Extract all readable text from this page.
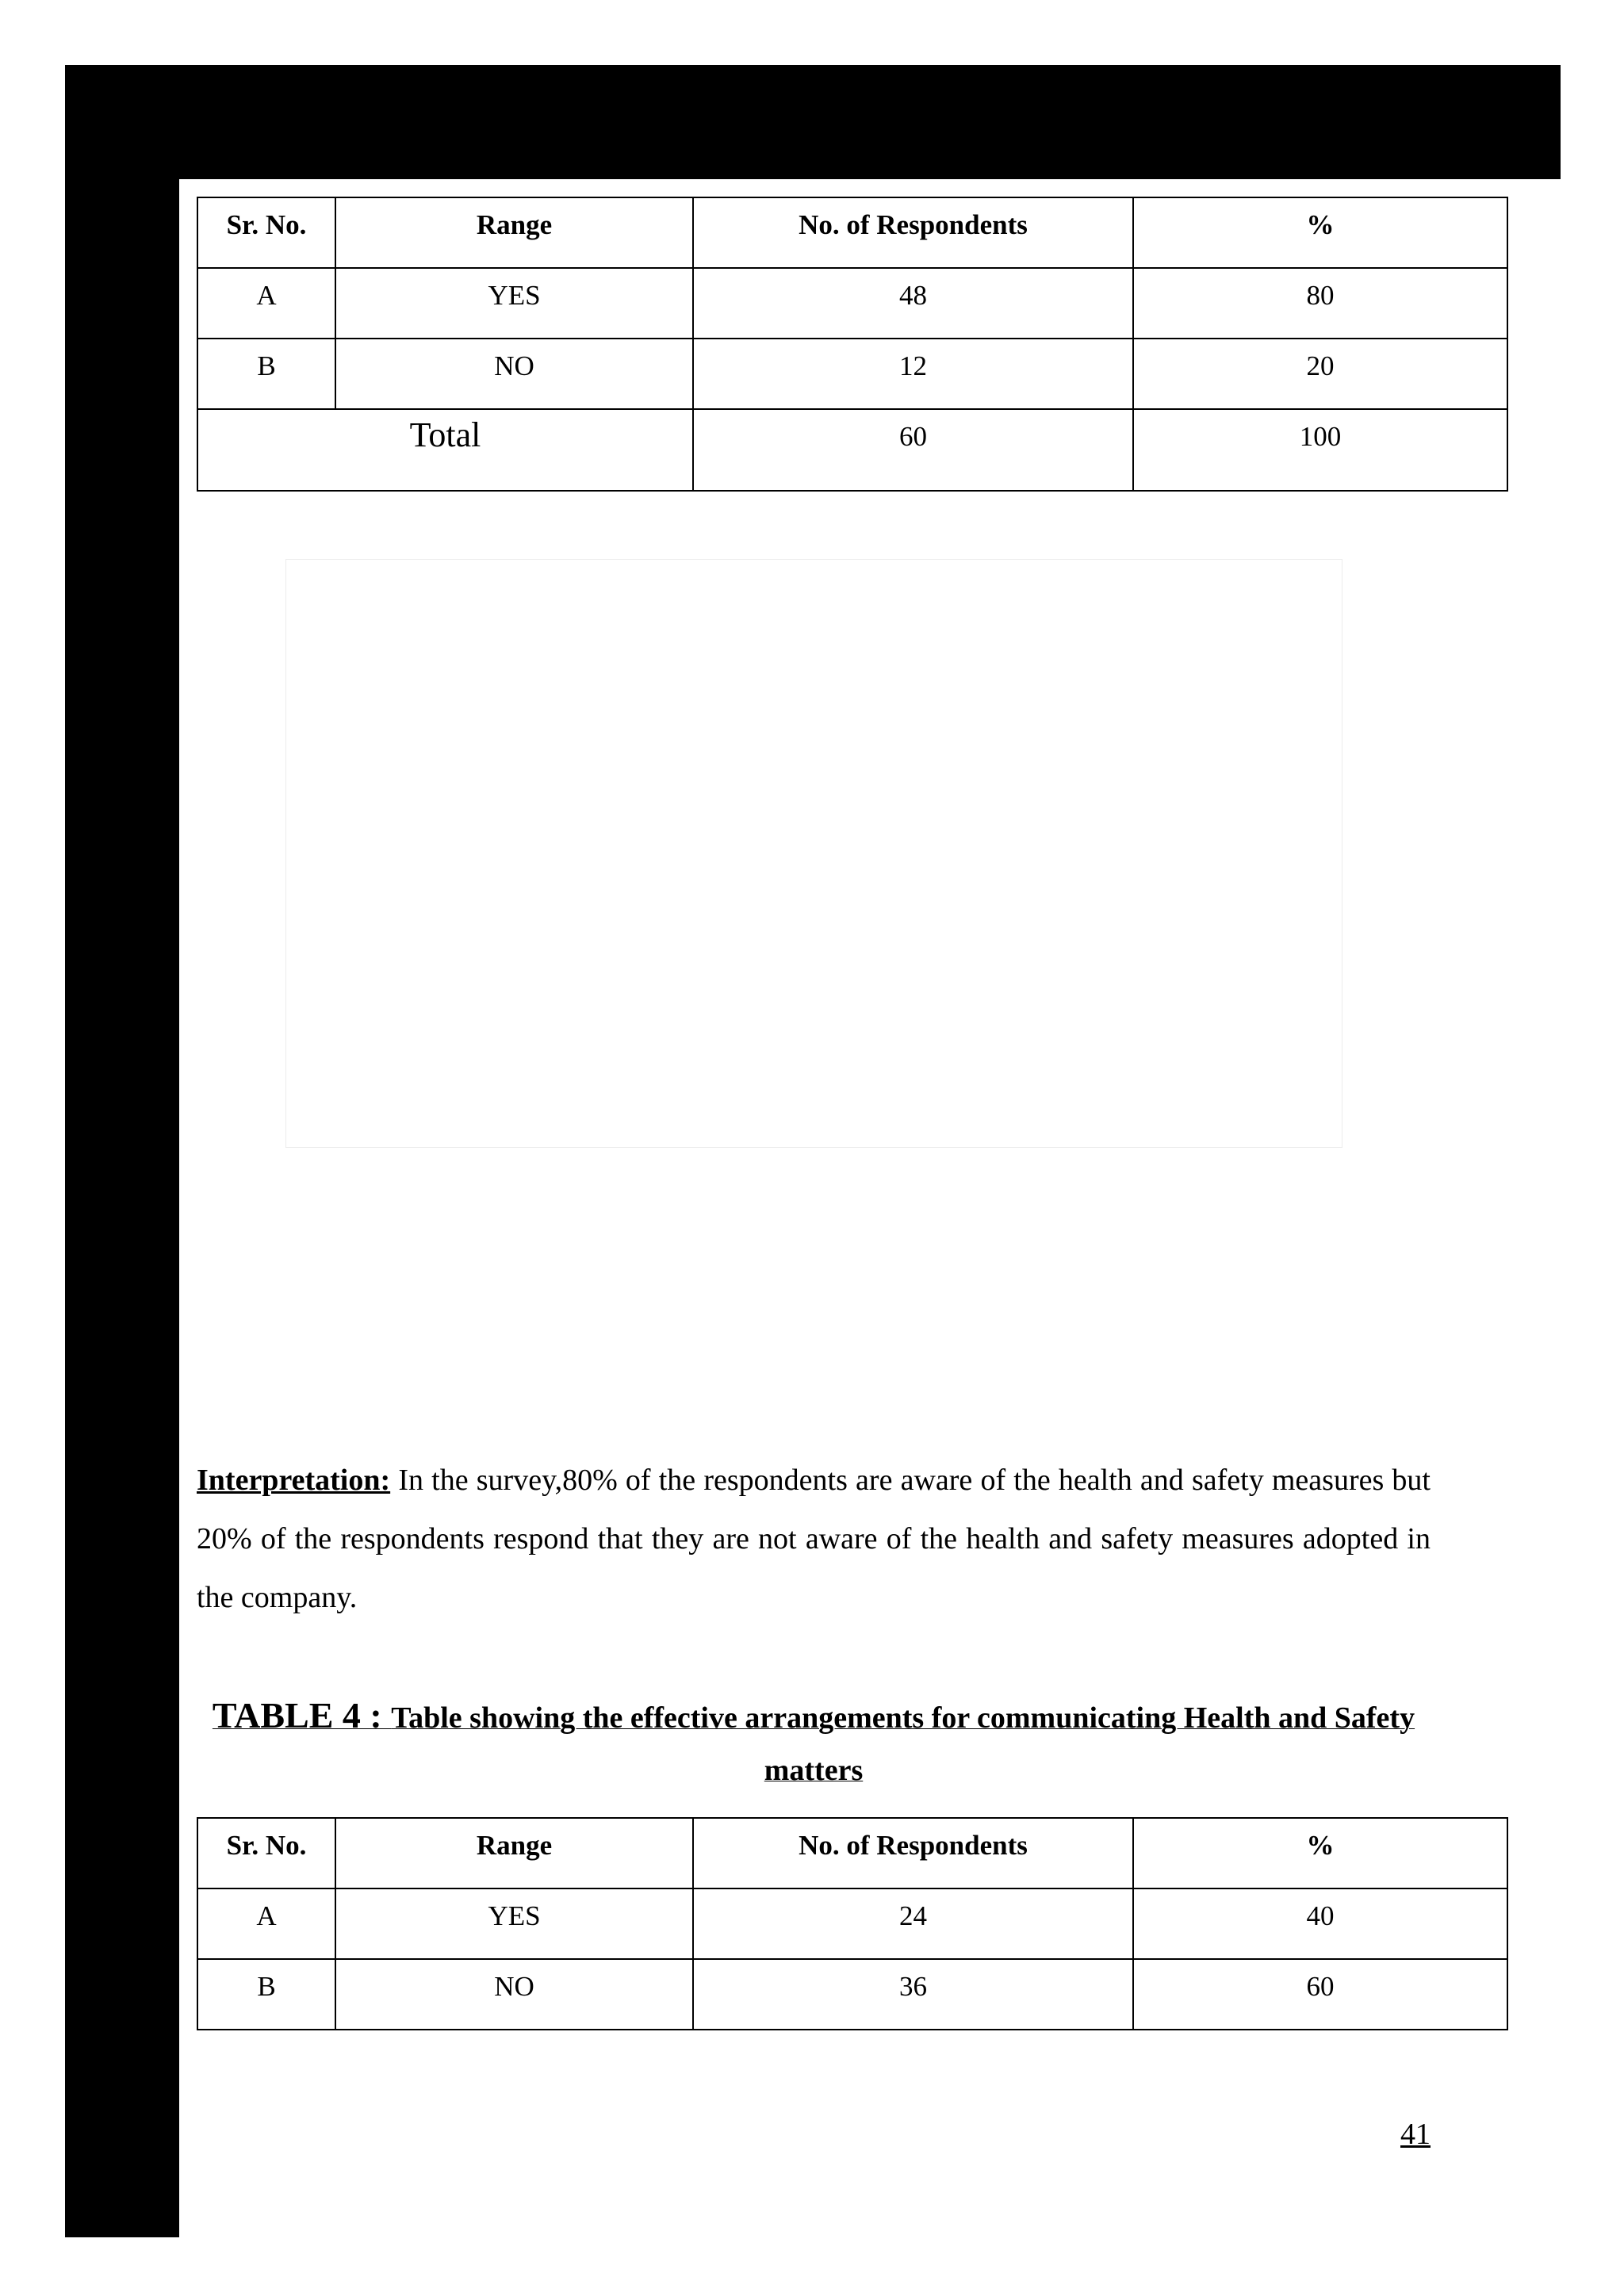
Sr. No.	Range	No. of Respondents	%
A	YES	48	80
B	NO	12	20
Total		60	100

Interpretation: In the survey,80% of the respondents are aware of the health and safety measures but 20% of the respondents respond that they are not aware of the health and safety measures adopted in the company.

TABLE 4 : Table showing the effective arrangements for communicating Health and Safety matters

Sr. No.	Range	No. of Respondents	%
A	YES	24	40
B	NO	36	60
41
